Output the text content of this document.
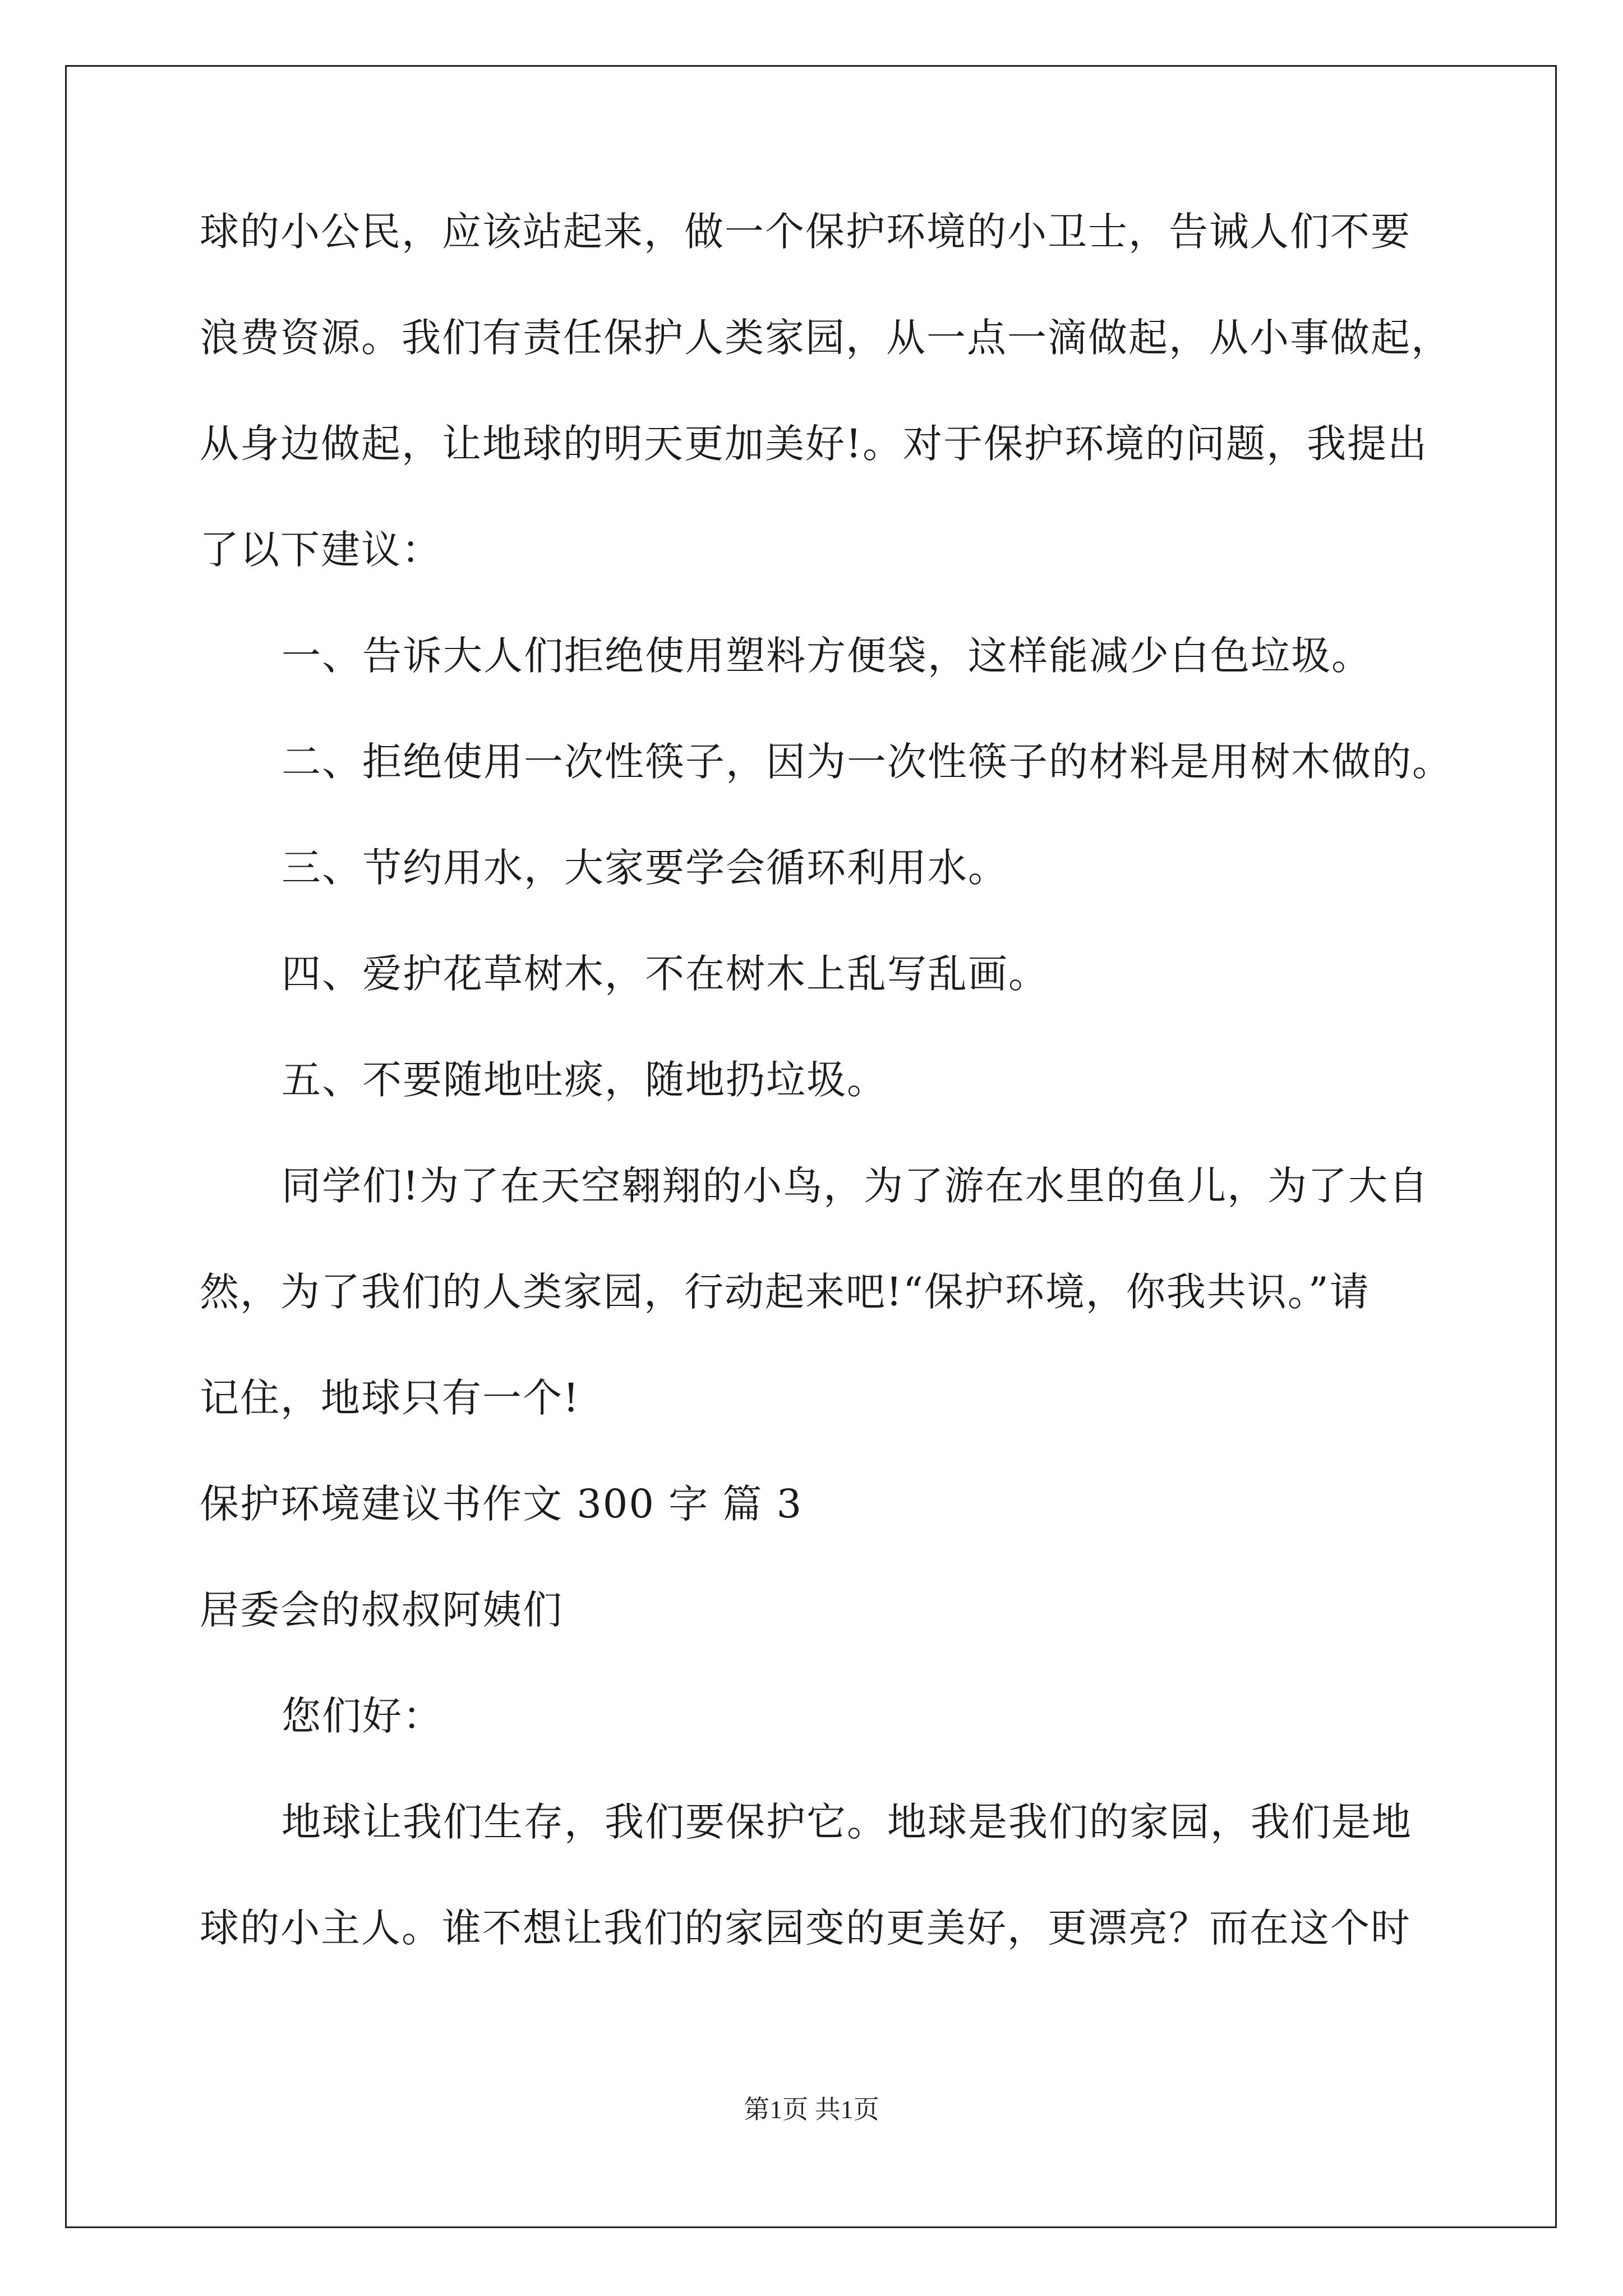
球的小公民，应该站起来，做一个保护环境的小卫士，告诫人们不要
浪费资源。我们有责任保护人类家园，从一点一滴做起，从小事做起，
从身边做起，让地球的明天更加美好!。对于保护环境的问题，我提出
了以下建议：
一、告诉大人们拒绝使用塑料方便袋，这样能减少白色垃圾。
二、拒绝使用一次性筷子，因为一次性筷子的材料是用树木做的。
三、节约用水，大家要学会循环利用水。
四、爱护花草树木，不在树木上乱写乱画。
五、不要随地吐痰，随地扔垃圾。
同学们!为了在天空翱翔的小鸟，为了游在水里的鱼儿，为了大自
然，为了我们的人类家园，行动起来吧!“保护环境，你我共识。”请
记住，地球只有一个!
保护环境建议书作文 300 字 篇 3
居委会的叔叔阿姨们
您们好：
地球让我们生存，我们要保护它。地球是我们的家园，我们是地
球的小主人。谁不想让我们的家园变的更美好，更漂亮？而在这个时
第1页 共1页
